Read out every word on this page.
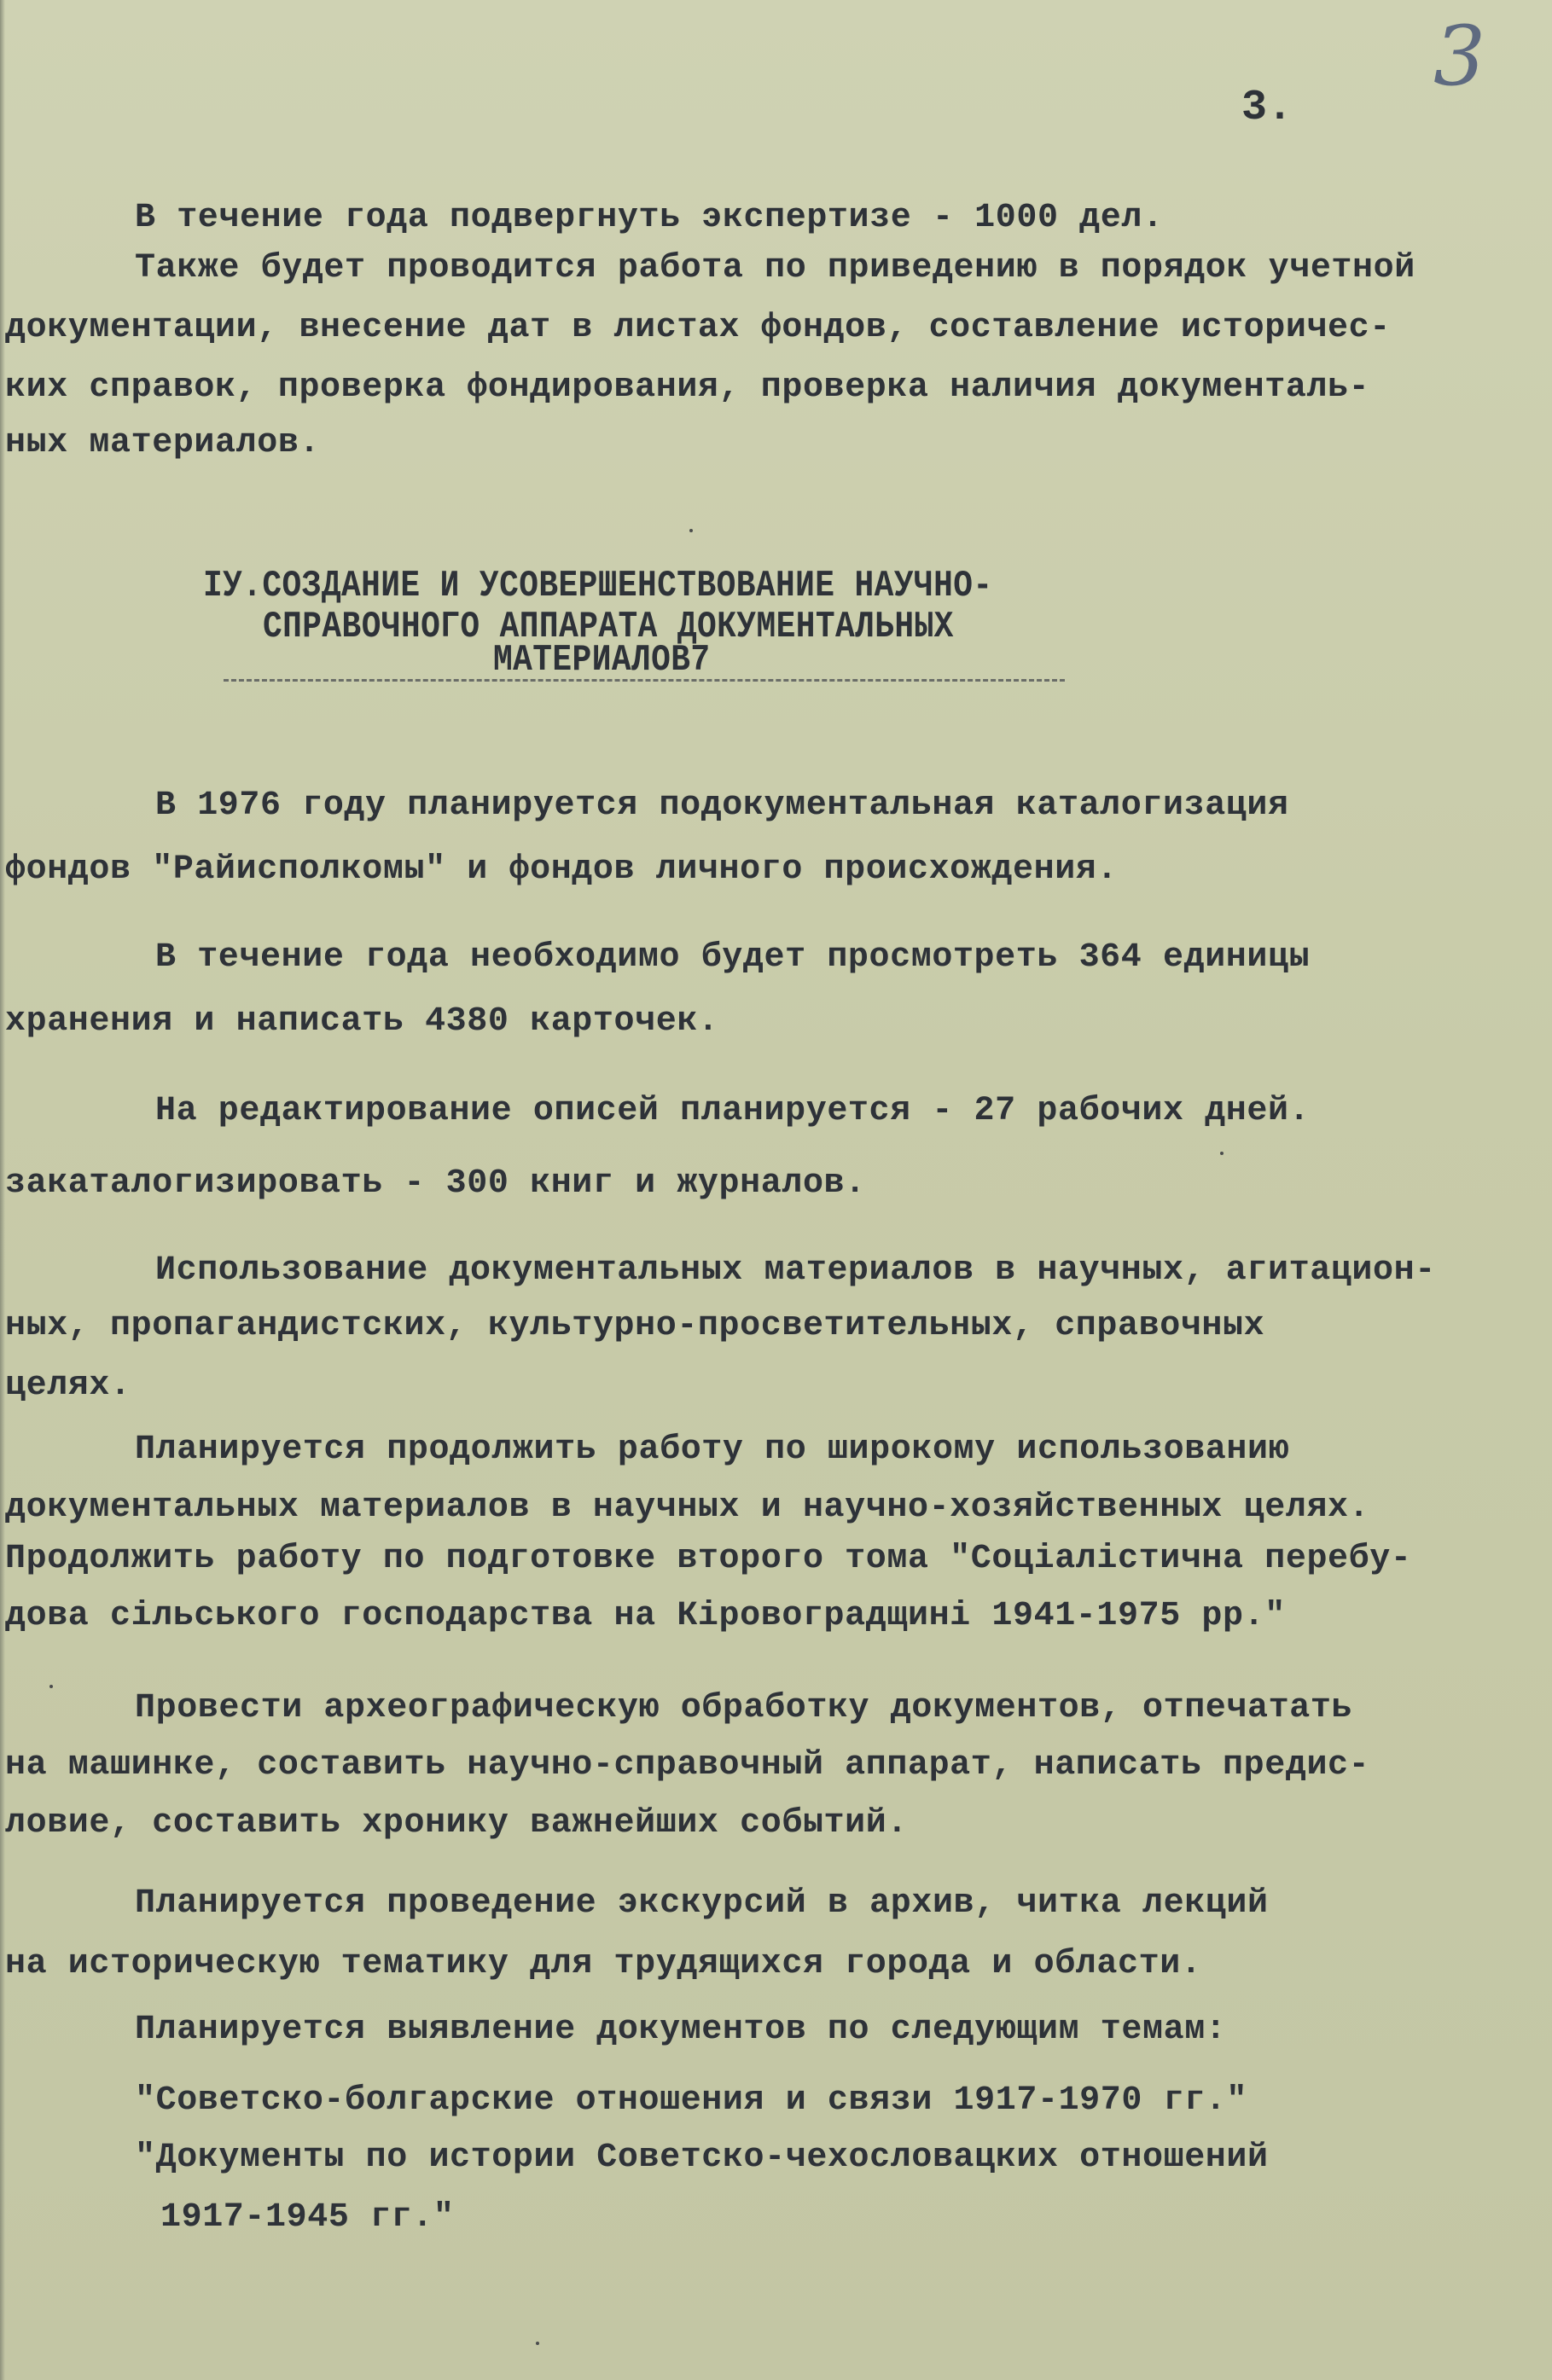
3
3.
В течение года подвергнуть экспертизе - 1000 дел.
Также будет проводится работа по приведению в порядок учетной
документации, внесение дат в листах фондов, составление историчес-
ких справок, проверка фондирования, проверка наличия документаль-
ных материалов.
ІУ.СОЗДАНИЕ И УСОВЕРШЕНСТВОВАНИЕ НАУЧНО-
СПРАВОЧНОГО АППАРАТА ДОКУМЕНТАЛЬНЫХ
МАТЕРИАЛОВ7
В 1976 году планируется подокументальная каталогизация
фондов "Райисполкомы" и фондов личного происхождения.
В течение года необходимо будет просмотреть 364 единицы
хранения и написать 4380 карточек.
На редактирование описей планируется - 27 рабочих дней.
закаталогизировать - 300 книг и журналов.
Использование документальных материалов в научных, агитацион-
ных, пропагандистских, культурно-просветительных, справочных
целях.
Планируется продолжить работу по широкому использованию
документальных материалов в научных и научно-хозяйственных целях.
Продолжить работу по подготовке второго тома "Соціалістична перебу-
дова сільського господарства на Кіровоградщині 1941-1975 рр."
Провести археографическую обработку документов, отпечатать
на машинке, составить научно-справочный аппарат, написать предис-
ловие, составить хронику важнейших событий.
Планируется проведение экскурсий в архив, читка лекций
на историческую тематику для трудящихся города и области.
Планируется выявление документов по следующим темам:
"Советско-болгарские отношения и связи 1917-1970 гг."
"Документы по истории Советско-чехословацких отношений
1917-1945 гг."
